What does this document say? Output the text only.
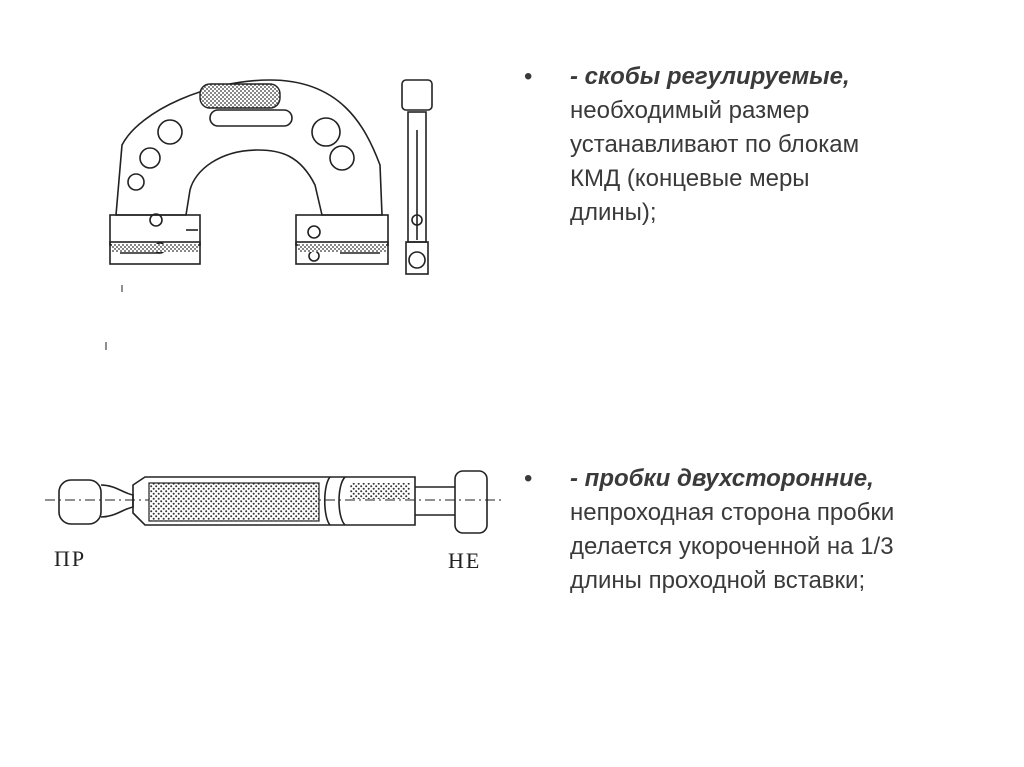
ПР	НЕ
•	- скобы регулируемые,
необходимый размер
устанавливают по блокам
КМД (концевые меры
длины);
•	- пробки двухсторонние,
непроходная сторона пробки
делается укороченной на 1/3
длины проходной вставки;
